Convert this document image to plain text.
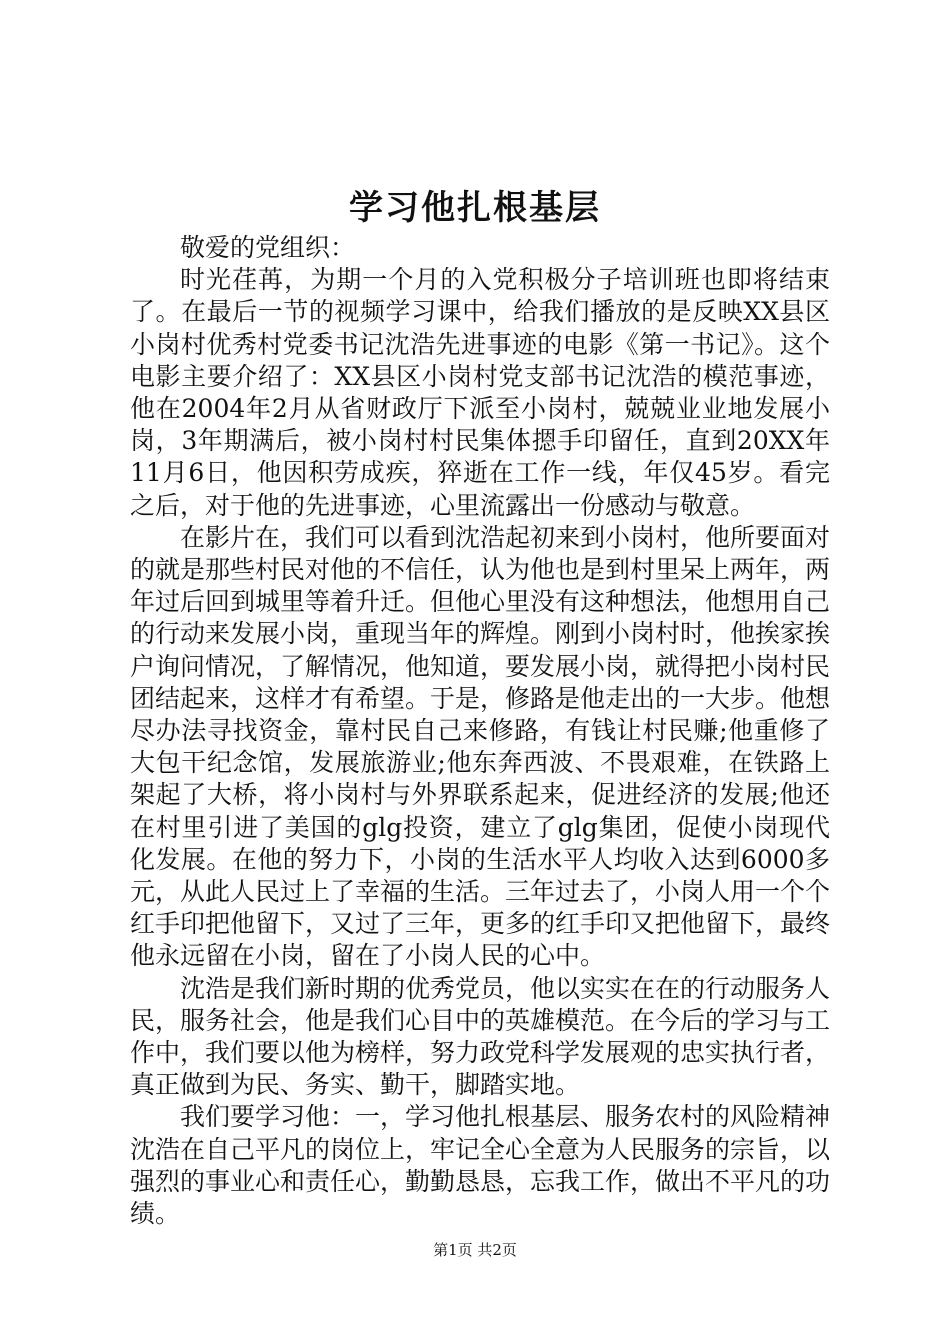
学习他扎根基层

敬爱的党组织：

时光荏苒，为期一个月的入党积极分子培训班也即将结束了。在最后一节的视频学习课中，给我们播放的是反映XX县区小岗村优秀村党委书记沈浩先进事迹的电影《第一书记》。这个电影主要介绍了：XX县区小岗村党支部书记沈浩的模范事迹，他在2004年2月从省财政厅下派至小岗村，兢兢业业地发展小岗，3年期满后，被小岗村村民集体摁手印留任，直到20XX年11月6日，他因积劳成疾，猝逝在工作一线，年仅45岁。看完之后，对于他的先进事迹，心里流露出一份感动与敬意。

在影片在，我们可以看到沈浩起初来到小岗村，他所要面对的就是那些村民对他的不信任，认为他也是到村里呆上两年，两年过后回到城里等着升迁。但他心里没有这种想法，他想用自己的行动来发展小岗，重现当年的辉煌。刚到小岗村时，他挨家挨户询问情况，了解情况，他知道，要发展小岗，就得把小岗村民团结起来，这样才有希望。于是，修路是他走出的一大步。他想尽办法寻找资金，靠村民自己来修路，有钱让村民赚;他重修了大包干纪念馆，发展旅游业;他东奔西波、不畏艰难，在铁路上架起了大桥，将小岗村与外界联系起来，促进经济的发展;他还在村里引进了美国的glg投资，建立了glg集团，促使小岗现代化发展。在他的努力下，小岗的生活水平人均收入达到6000多元，从此人民过上了幸福的生活。三年过去了，小岗人用一个个红手印把他留下，又过了三年，更多的红手印又把他留下，最终他永远留在小岗，留在了小岗人民的心中。

沈浩是我们新时期的优秀党员，他以实实在在的行动服务人民，服务社会，他是我们心目中的英雄模范。在今后的学习与工作中，我们要以他为榜样，努力政党科学发展观的忠实执行者，真正做到为民、务实、勤干，脚踏实地。

我们要学习他：一，学习他扎根基层、服务农村的风险精神沈浩在自己平凡的岗位上，牢记全心全意为人民服务的宗旨，以强烈的事业心和责任心，勤勤恳恳，忘我工作，做出不平凡的功绩。

第1页 共2页
